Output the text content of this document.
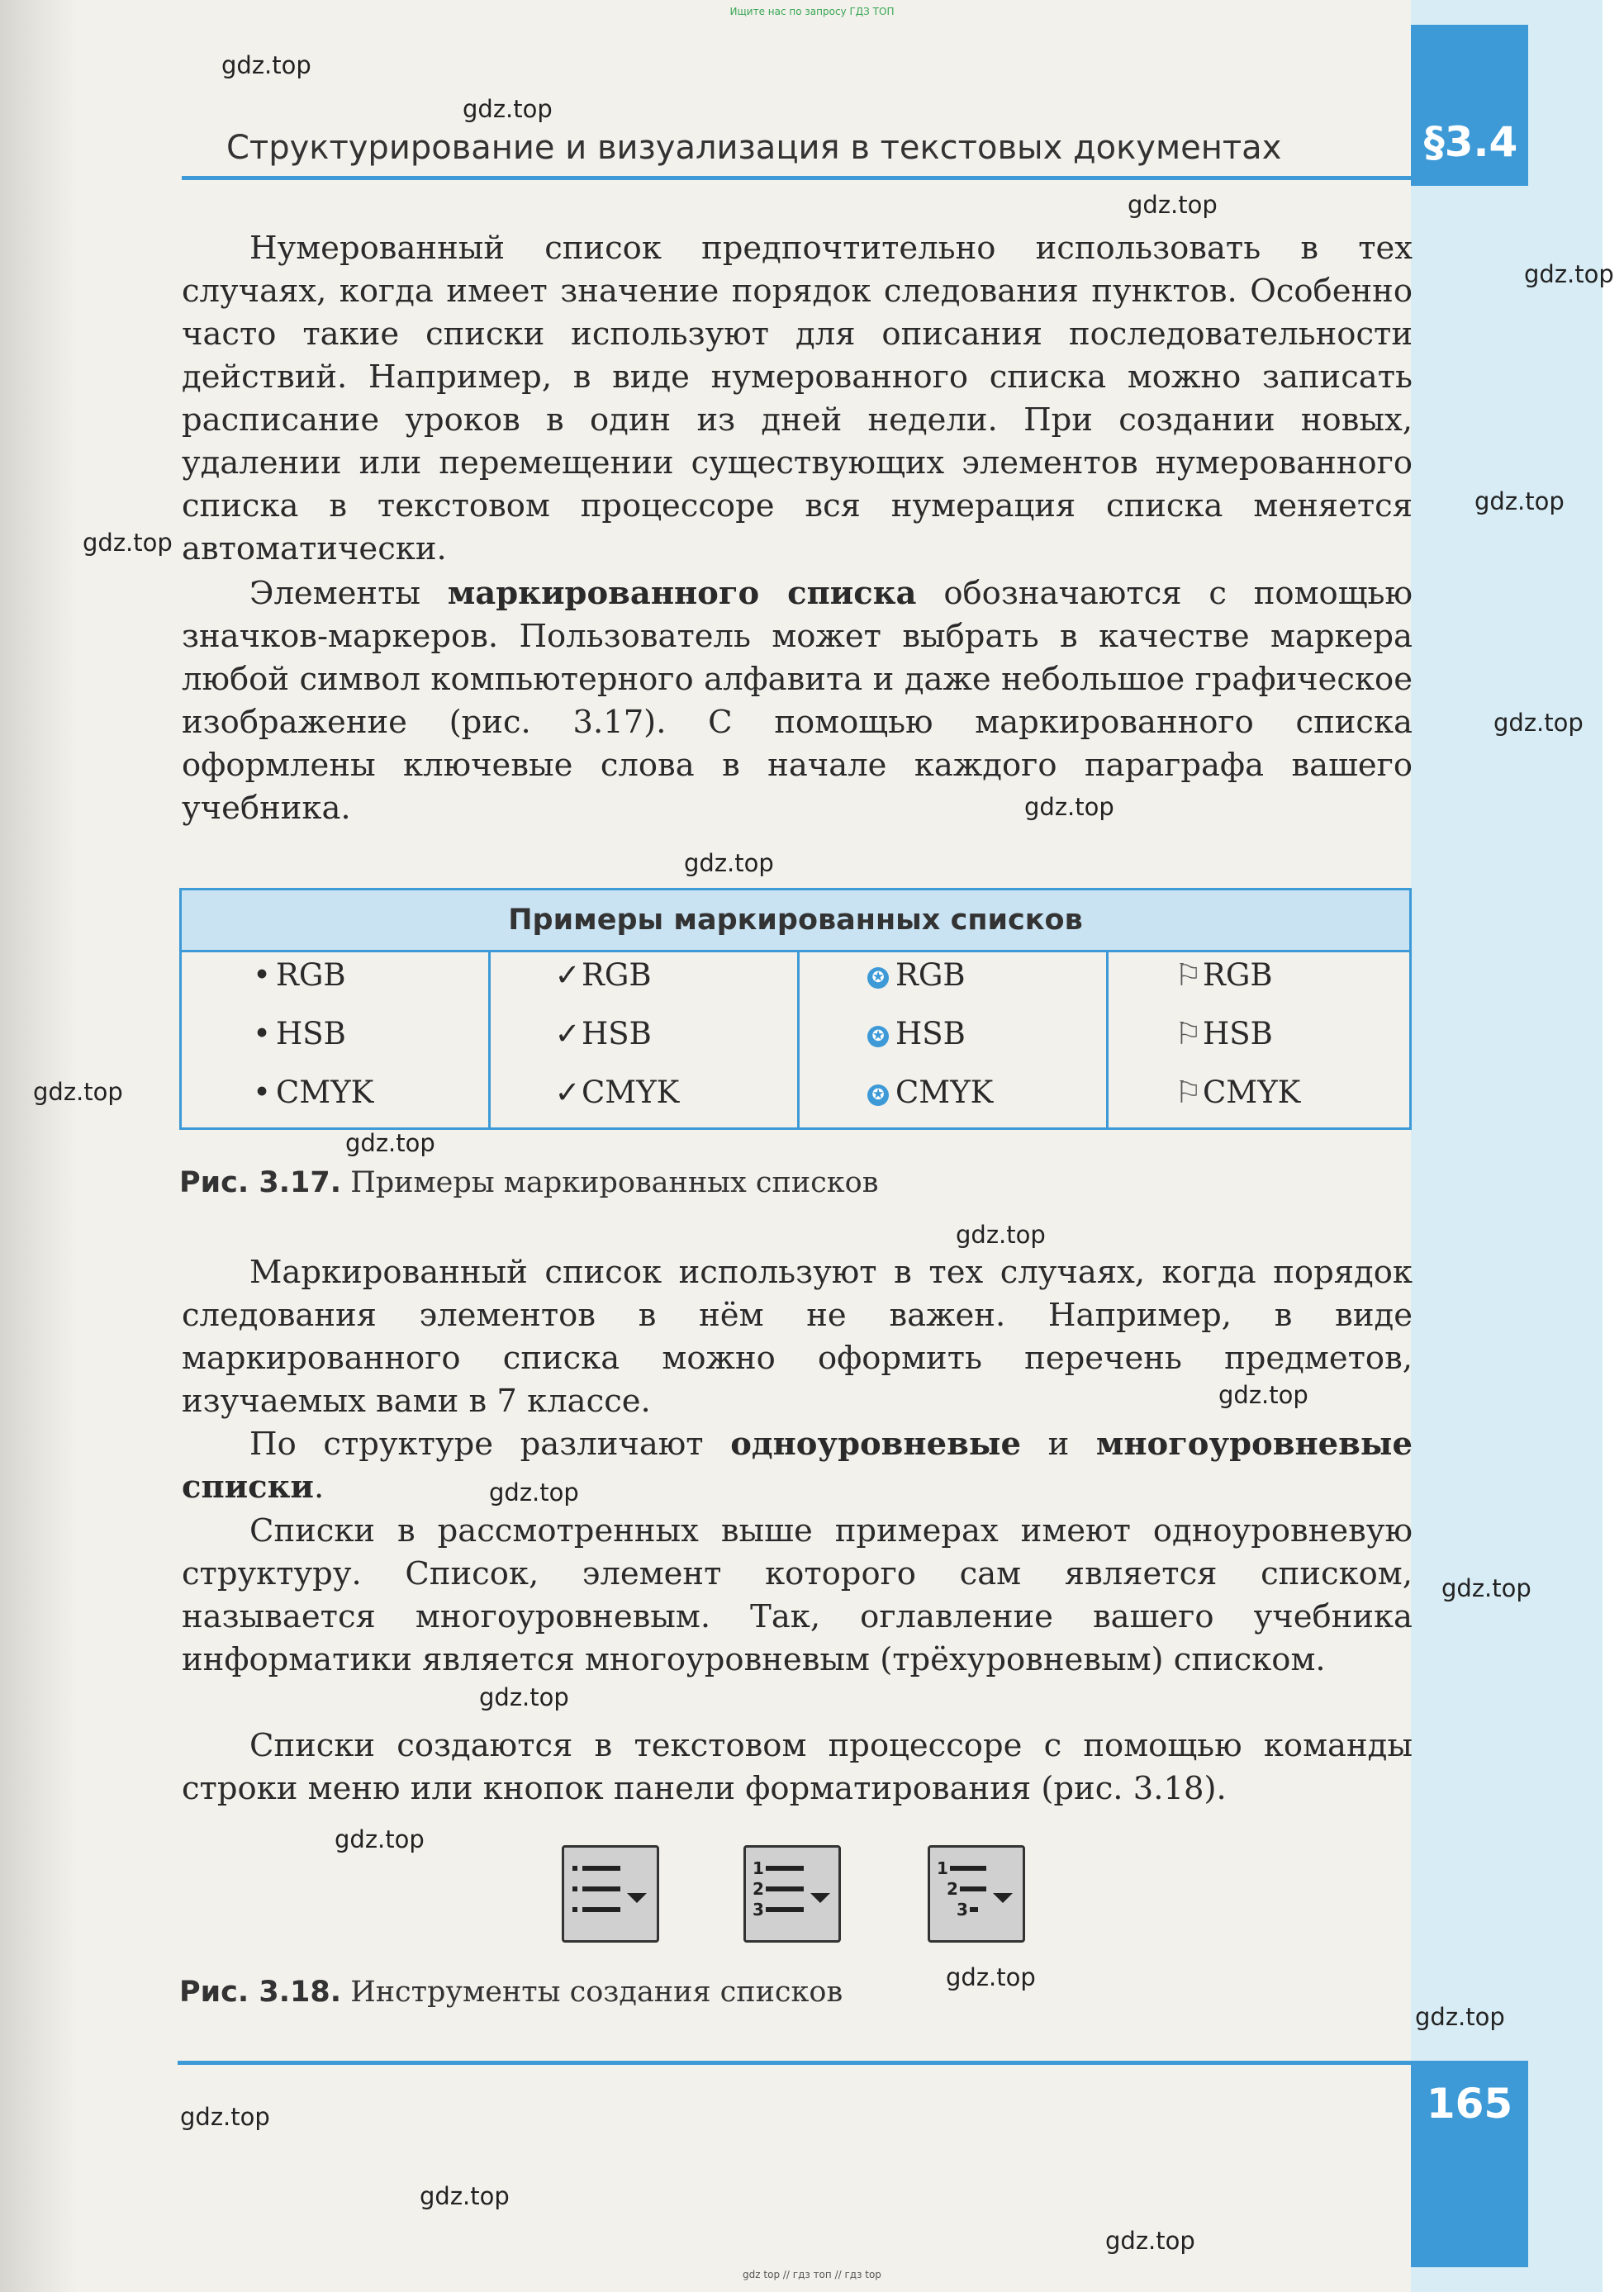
Ищите нас по запросу ГДЗ ТОП
§3.4
Структурирование и визуализация в текстовых документах
Нумерованный список предпочтительно использовать в тех случаях, когда имеет значение порядок следования пунктов. Особенно часто такие списки используют для описания последовательности действий. Например, в виде нумерованного списка можно записать расписание уроков в один из дней недели. При создании новых, удалении или перемещении существующих элементов нумерованного списка в текстовом процессоре вся нумерация списка меняется автоматически.
Элементы маркированного списка обозначаются с помощью значков-маркеров. Пользователь может выбрать в качестве маркера любой символ компьютерного алфавита и даже небольшое графическое изображение (рис. 3.17). С помощью маркированного списка оформлены ключевые слова в начале каждого параграфа вашего учебника.
Примеры маркированных списков
• RGB
• HSB
• CMYK
✓RGB
✓HSB
✓CMYK
✪ RGB
✪ HSB
✪ CMYK
⚐RGB
⚐HSB
⚐CMYK
Рис. 3.17. Примеры маркированных списков
Маркированный список используют в тех случаях, когда порядок следования элементов в нём не важен. Например, в виде маркированного списка можно оформить перечень предметов, изучаемых вами в 7 классе.
По структуре различают одноуровневые и многоуровневые списки.
Списки в рассмотренных выше примерах имеют одноуровневую структуру. Список, элемент которого сам является списком, называется многоуровневым. Так, оглавление вашего учебника информатики является многоуровневым (трёхуровневым) списком.
Списки создаются в текстовом процессоре с помощью команды строки меню или кнопок панели форматирования (рис. 3.18).
1
2
3
1
2
3
Рис. 3.18. Инструменты создания списков
165
gdz top // гдз топ // гдз top
gdz.top
gdz.top
gdz.top
gdz.top
gdz.top
gdz.top
gdz.top
gdz.top
gdz.top
gdz.top
gdz.top
gdz.top
gdz.top
gdz.top
gdz.top
gdz.top
gdz.top
gdz.top
gdz.top
gdz.top
gdz.top
gdz.top
